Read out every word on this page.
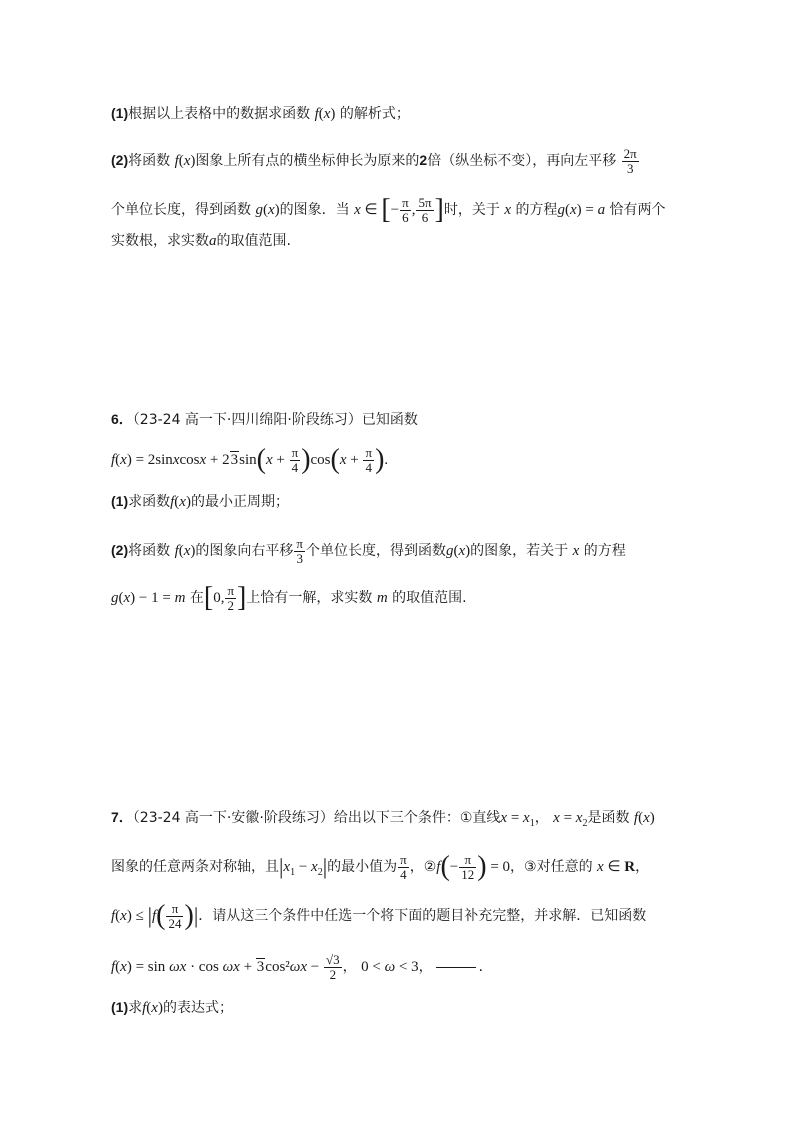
(1)根据以上表格中的数据求函数 f(x) 的解析式；
(2)将函数 f(x)图象上所有点的横坐标伸长为原来的2倍（纵坐标不变），再向左平移 $\frac{2\pi}{3}$
个单位长度，得到函数 g(x)的图象．当 x ∈ [− $\frac{\pi}{6}$ , $\frac{5\pi}{6}$ ]时，关于 x 的方程g(x) = a 恰有两个
实数根，求实数a的取值范围.
6．（23-24 高一下·四川绵阳·阶段练习）已知函数
f(x) = 2sinxcosx + $23\sin(x + \frac{\pi}{4} )\cos(x + \frac{\pi}{4}$ ).
(1)求函数f(x)的最小正周期；
(2)将函数 f(x)的图象向右平移 $\frac{\pi}{3}$ 个单位长度，得到函数g(x)的图象，若关于 x 的方程
g(x) − 1 = m 在[0, $\frac{\pi}{2}$ ]上恰有一解，求实数 m 的取值范围.
7．（23-24 高一下·安徽·阶段练习）给出以下三个条件：①直线$x = x_1$， $x = x_2$是函数 f(x)
图象的任意两条对称轴，且$|x_1 - x_2|$的最小值为 $\frac{\pi}{4}$ ，②f(− $\frac{\pi}{12}$ ) = 0，③对任意的 x ∈ R，
$f(x) \le |f( \frac{\pi}{24}$ )|．请从这三个条件中任选一个将下面的题目补充完整，并求解．已知函数
$f(x) = \sin \omega x \cdot \cos \omega x + 3\cos^2\omega x - \frac{√3}{2}$ ， 0 < ω < 3，	．
(1)求f(x)的表达式；
